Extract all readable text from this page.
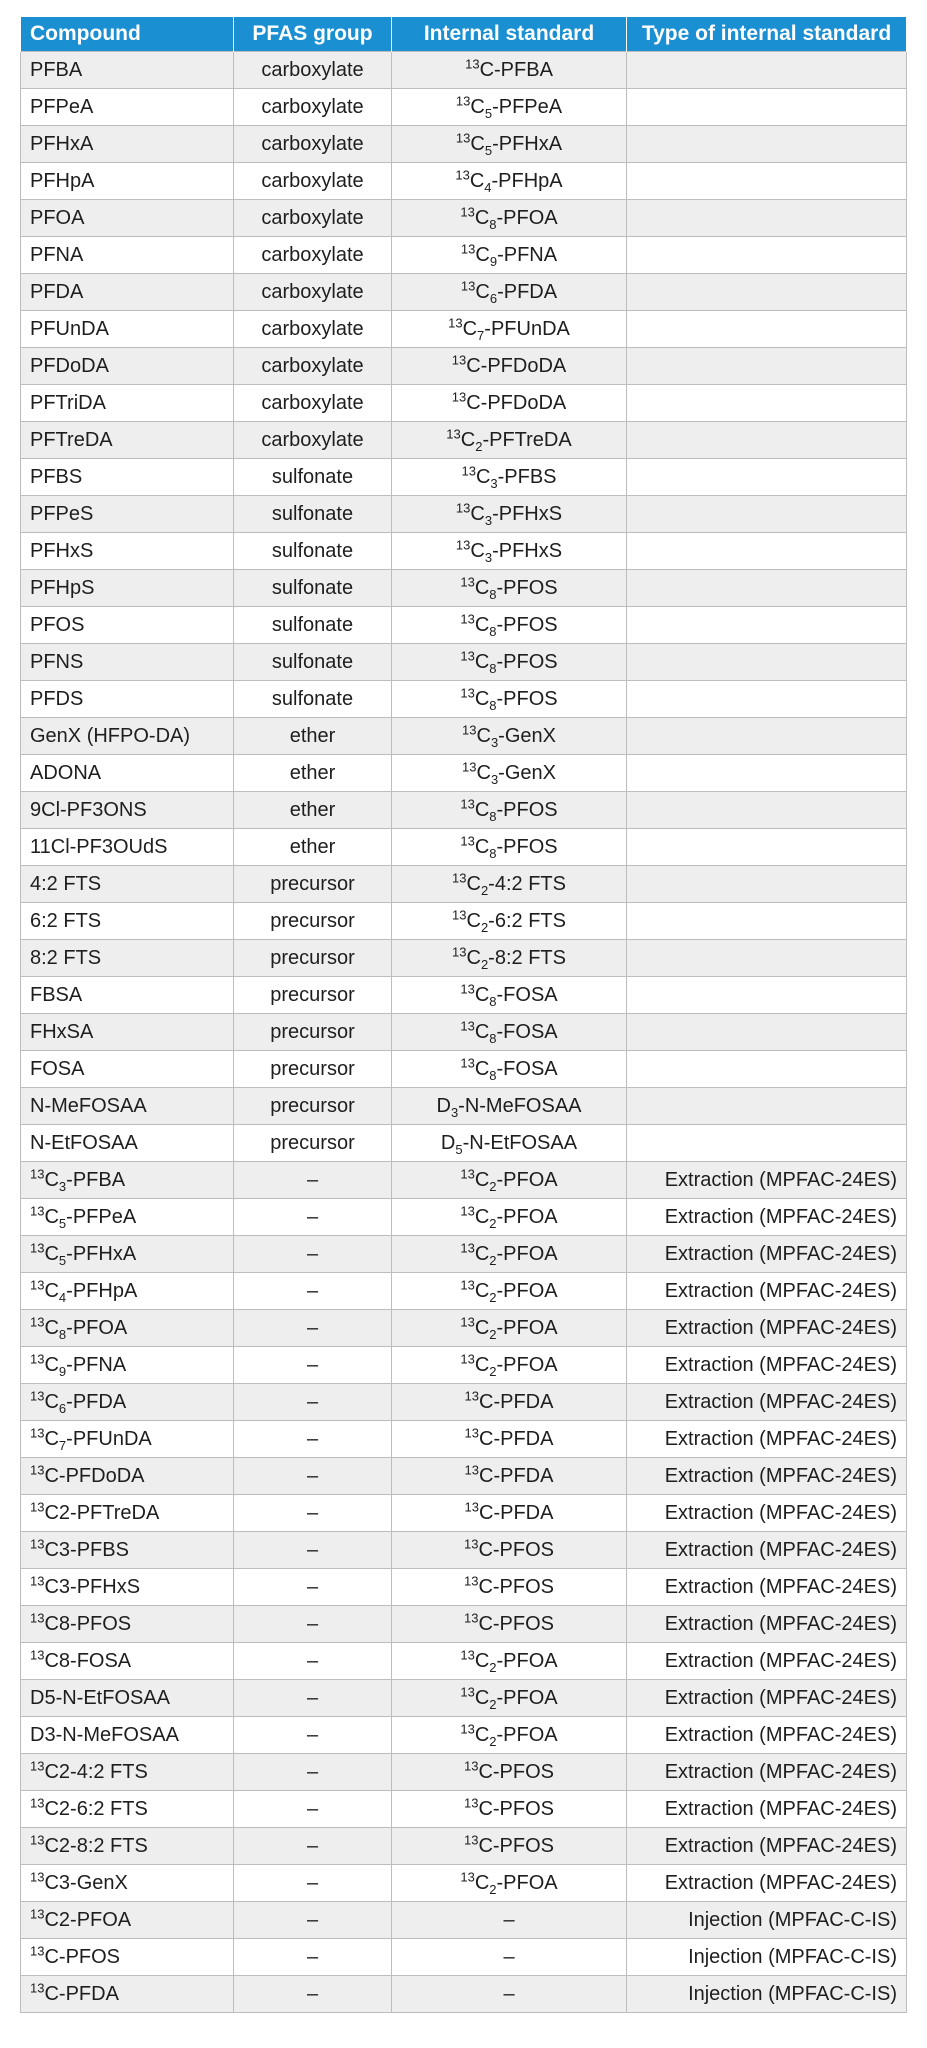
Compound	PFAS group	Internal standard	Type of internal standard
PFBA	carboxylate	$^{13}$C-PFBA	
PFPeA	carboxylate	$^{13}C_5$-PFPeA	
PFHxA	carboxylate	$^{13}C_5$-PFHxA	
PFHpA	carboxylate	$^{13}C_4$-PFHpA	
PFOA	carboxylate	$^{13}C_8$-PFOA	
PFNA	carboxylate	$^{13}C_9$-PFNA	
PFDA	carboxylate	$^{13}C_6$-PFDA	
PFUnDA	carboxylate	$^{13}C_7$-PFUnDA	
PFDoDA	carboxylate	$^{13}$C-PFDoDA	
PFTriDA	carboxylate	$^{13}$C-PFDoDA	
PFTreDA	carboxylate	$^{13}C_2$-PFTreDA	
PFBS	sulfonate	$^{13}C_3$-PFBS	
PFPeS	sulfonate	$^{13}C_3$-PFHxS	
PFHxS	sulfonate	$^{13}C_3$-PFHxS	
PFHpS	sulfonate	$^{13}C_8$-PFOS	
PFOS	sulfonate	$^{13}C_8$-PFOS	
PFNS	sulfonate	$^{13}C_8$-PFOS	
PFDS	sulfonate	$^{13}C_8$-PFOS	
GenX (HFPO-DA)	ether	$^{13}C_3$-GenX	
ADONA	ether	$^{13}C_3$-GenX	
9Cl-PF3ONS	ether	$^{13}C_8$-PFOS	
11Cl-PF3OUdS	ether	$^{13}C_8$-PFOS	
4:2 FTS	precursor	$^{13}C_2-4:2$ FTS	
6:2 FTS	precursor	$^{13}C_2-6:2$ FTS	
8:2 FTS	precursor	$^{13}C_2-8:2$ FTS	
FBSA	precursor	$^{13}C_8$-FOSA	
FHxSA	precursor	$^{13}C_8$-FOSA	
FOSA	precursor	$^{13}C_8$-FOSA	
N-MeFOSAA	precursor	$D_3-N$-MeFOSAA	
N-EtFOSAA	precursor	$D_5-N$-EtFOSAA	
$^{13}C_3$-PFBA	–	$^{13}C_2$-PFOA	Extraction (MPFAC-24ES)
$^{13}C_5$-PFPeA	–	$^{13}C_2$-PFOA	Extraction (MPFAC-24ES)
$^{13}C_5$-PFHxA	–	$^{13}C_2$-PFOA	Extraction (MPFAC-24ES)
$^{13}C_4$-PFHpA	–	$^{13}C_2$-PFOA	Extraction (MPFAC-24ES)
$^{13}C_8$-PFOA	–	$^{13}C_2$-PFOA	Extraction (MPFAC-24ES)
$^{13}C_9$-PFNA	–	$^{13}C_2$-PFOA	Extraction (MPFAC-24ES)
$^{13}C_6$-PFDA	–	$^{13}$C-PFDA	Extraction (MPFAC-24ES)
$^{13}C_7$-PFUnDA	–	$^{13}$C-PFDA	Extraction (MPFAC-24ES)
$^{13}$C-PFDoDA	–	$^{13}$C-PFDA	Extraction (MPFAC-24ES)
$^{13}$C2-PFTreDA	–	$^{13}$C-PFDA	Extraction (MPFAC-24ES)
$^{13}$C3-PFBS	–	$^{13}$C-PFOS	Extraction (MPFAC-24ES)
$^{13}$C3-PFHxS	–	$^{13}$C-PFOS	Extraction (MPFAC-24ES)
$^{13}$C8-PFOS	–	$^{13}$C-PFOS	Extraction (MPFAC-24ES)
$^{13}$C8-FOSA	–	$^{13}C_2$-PFOA	Extraction (MPFAC-24ES)
D5-N-EtFOSAA	–	$^{13}C_2$-PFOA	Extraction (MPFAC-24ES)
D3-N-MeFOSAA	–	$^{13}C_2$-PFOA	Extraction (MPFAC-24ES)
$^{13}$C2-4:2 FTS	–	$^{13}$C-PFOS	Extraction (MPFAC-24ES)
$^{13}$C2-6:2 FTS	–	$^{13}$C-PFOS	Extraction (MPFAC-24ES)
$^{13}$C2-8:2 FTS	–	$^{13}$C-PFOS	Extraction (MPFAC-24ES)
$^{13}$C3-GenX	–	$^{13}C_2$-PFOA	Extraction (MPFAC-24ES)
$^{13}$C2-PFOA	–	–	Injection (MPFAC-C-IS)
$^{13}$C-PFOS	–	–	Injection (MPFAC-C-IS)
$^{13}$C-PFDA	–	–	Injection (MPFAC-C-IS)
